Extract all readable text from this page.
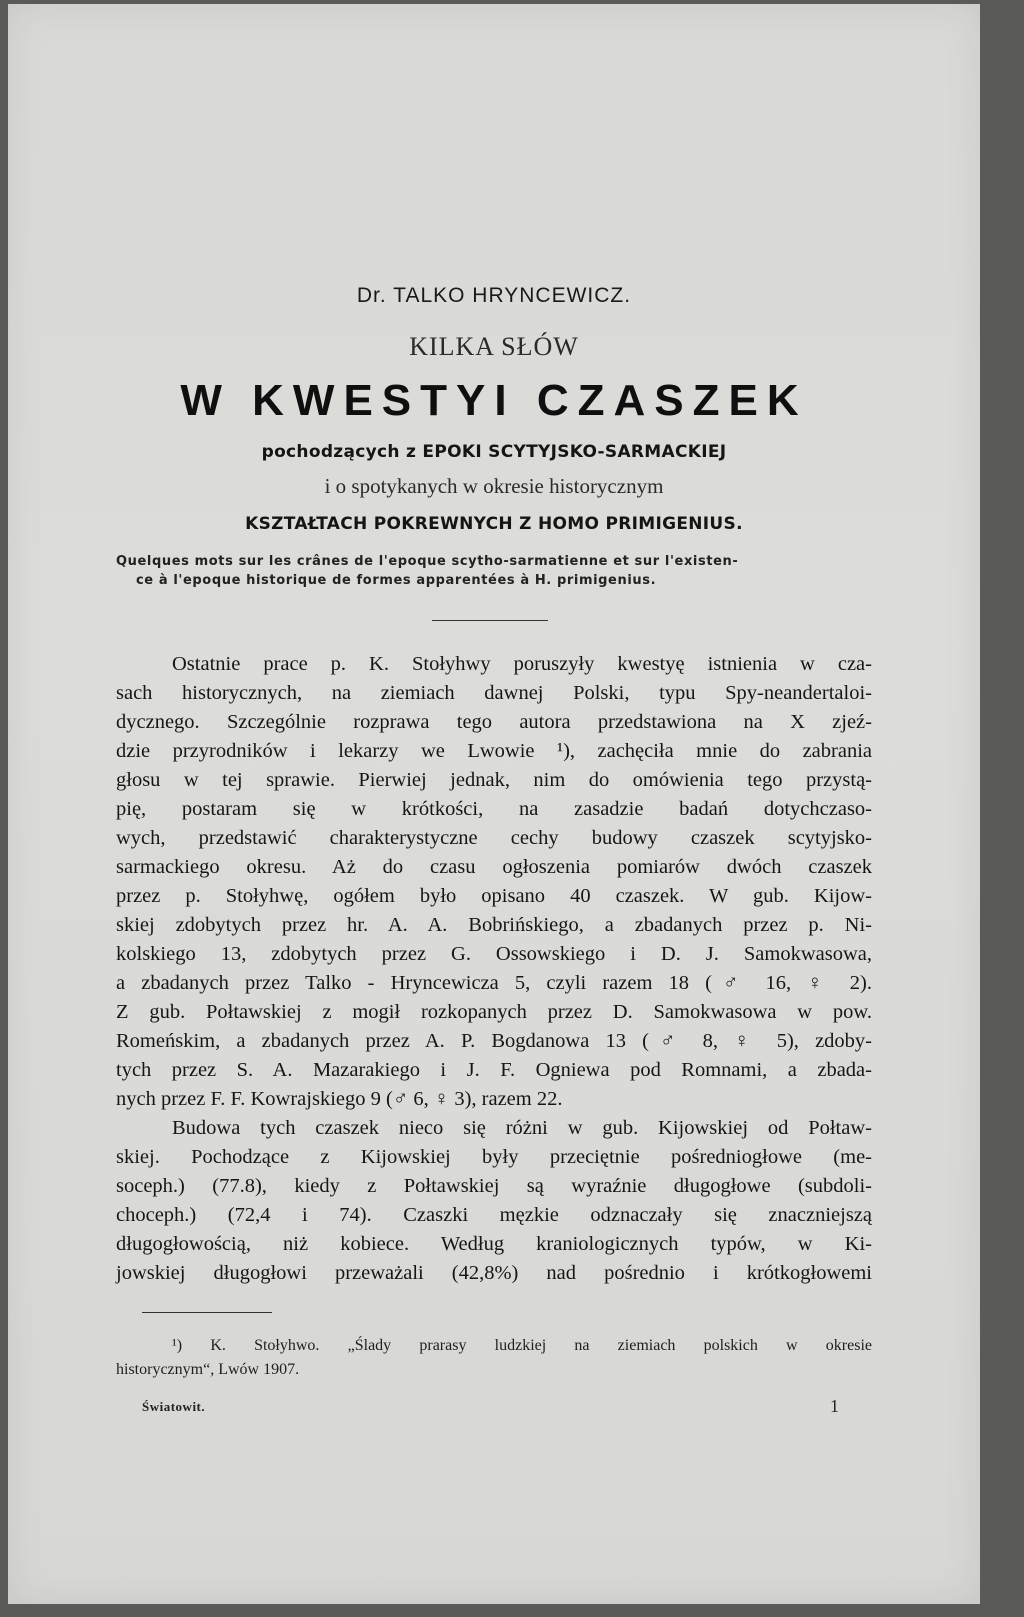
Dr. TALKO HRYNCEWICZ.
KILKA SŁÓW
W KWESTYI CZASZEK
pochodzących z EPOKI SCYTYJSKO-SARMACKIEJ
i o spotykanych w okresie historycznym
KSZTAŁTACH POKREWNYCH Z HOMO PRIMIGENIUS.
Quelques mots sur les crânes de l'epoque scytho-sarmatienne et sur l'existen-
ce à l'epoque historique de formes apparentées à H. primigenius.
Ostatnie prace p. K. Stołyhwy poruszyły kwestyę istnienia w cza-
sach historycznych, na ziemiach dawnej Polski, typu Spy-neandertaloi-
dycznego. Szczególnie rozprawa tego autora przedstawiona na X zjeź-
dzie przyrodników i lekarzy we Lwowie ¹), zachęciła mnie do zabrania
głosu w tej sprawie. Pierwiej jednak, nim do omówienia tego przystą-
pię, postaram się w krótkości, na zasadzie badań dotychczaso-
wych, przedstawić charakterystyczne cechy budowy czaszek scytyjsko-
sarmackiego okresu. Aż do czasu ogłoszenia pomiarów dwóch czaszek
przez p. Stołyhwę, ogółem było opisano 40 czaszek. W gub. Kijow-
skiej zdobytych przez hr. A. A. Bobrińskiego, a zbadanych przez p. Ni-
kolskiego 13, zdobytych przez G. Ossowskiego i D. J. Samokwasowa,
a zbadanych przez Talko - Hryncewicza 5, czyli razem 18 (♂ 16, ♀ 2).
Z gub. Połtawskiej z mogił rozkopanych przez D. Samokwasowa w pow.
Romeńskim, a zbadanych przez A. P. Bogdanowa 13 (♂ 8, ♀ 5), zdoby-
tych przez S. A. Mazarakiego i J. F. Ogniewa pod Romnami, a zbada-
nych przez F. F. Kowrajskiego 9 (♂ 6, ♀ 3), razem 22.
Budowa tych czaszek nieco się różni w gub. Kijowskiej od Połtaw-
skiej. Pochodzące z Kijowskiej były przeciętnie pośredniogłowe (me-
soceph.) (77.8), kiedy z Połtawskiej są wyraźnie długogłowe (subdoli-
choceph.) (72,4 i 74). Czaszki męzkie odznaczały się znaczniejszą
długogłowością, niż kobiece. Według kraniologicznych typów, w Ki-
jowskiej długogłowi przeważali (42,8%) nad pośrednio i krótkogłowemi
¹) K. Stołyhwo. „Ślady prarasy ludzkiej na ziemiach polskich w okresie
historycznym“, Lwów 1907.
Światowit.	1
